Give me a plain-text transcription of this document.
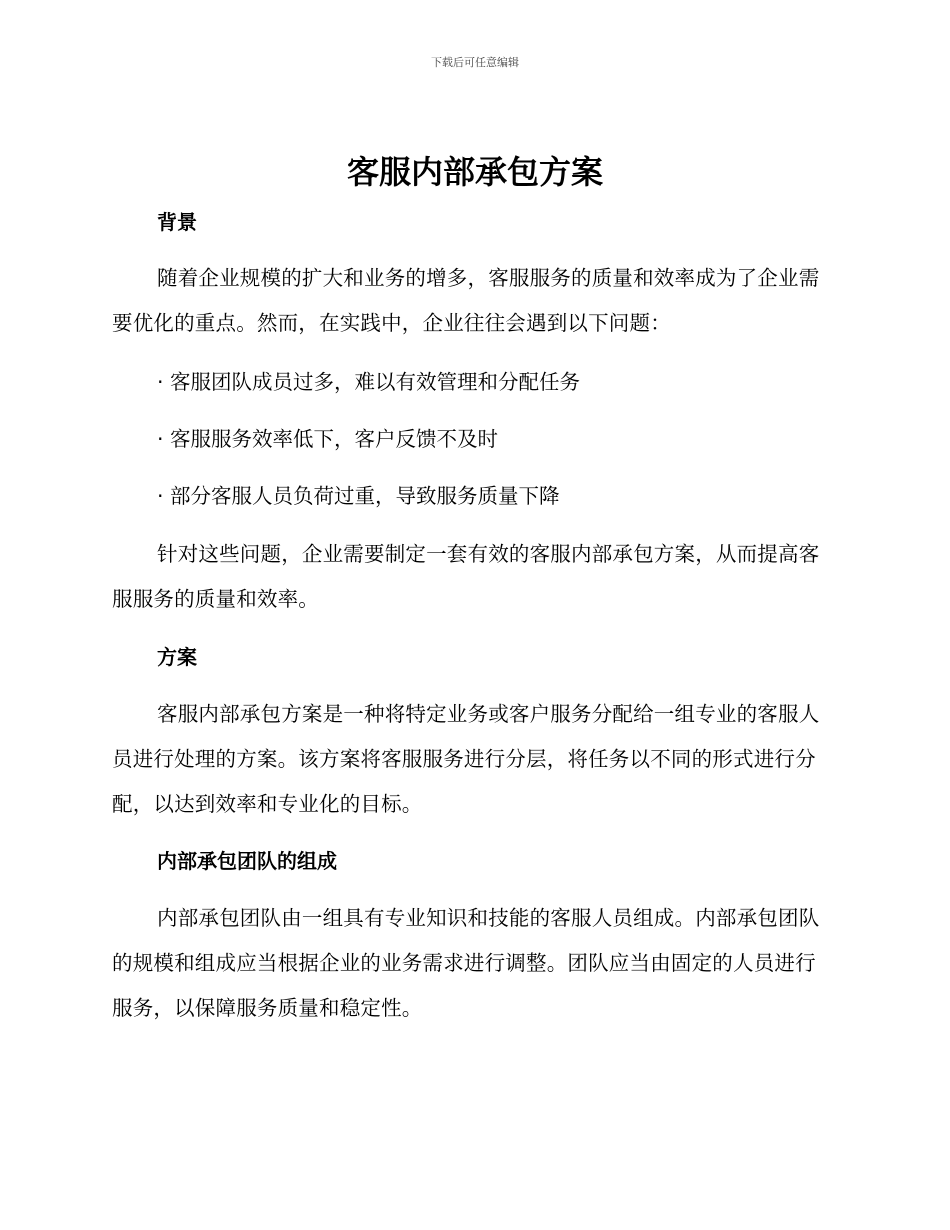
下载后可任意编辑
客服内部承包方案
背景

随着企业规模的扩大和业务的增多，客服服务的质量和效率成为了企业需要优化的重点。然而，在实践中，企业往往会遇到以下问题：

· 客服团队成员过多，难以有效管理和分配任务

· 客服服务效率低下，客户反馈不及时

· 部分客服人员负荷过重，导致服务质量下降

针对这些问题，企业需要制定一套有效的客服内部承包方案，从而提高客服服务的质量和效率。

方案

客服内部承包方案是一种将特定业务或客户服务分配给一组专业的客服人员进行处理的方案。该方案将客服服务进行分层，将任务以不同的形式进行分配，以达到效率和专业化的目标。

内部承包团队的组成

内部承包团队由一组具有专业知识和技能的客服人员组成。内部承包团队的规模和组成应当根据企业的业务需求进行调整。团队应当由固定的人员进行服务，以保障服务质量和稳定性。
